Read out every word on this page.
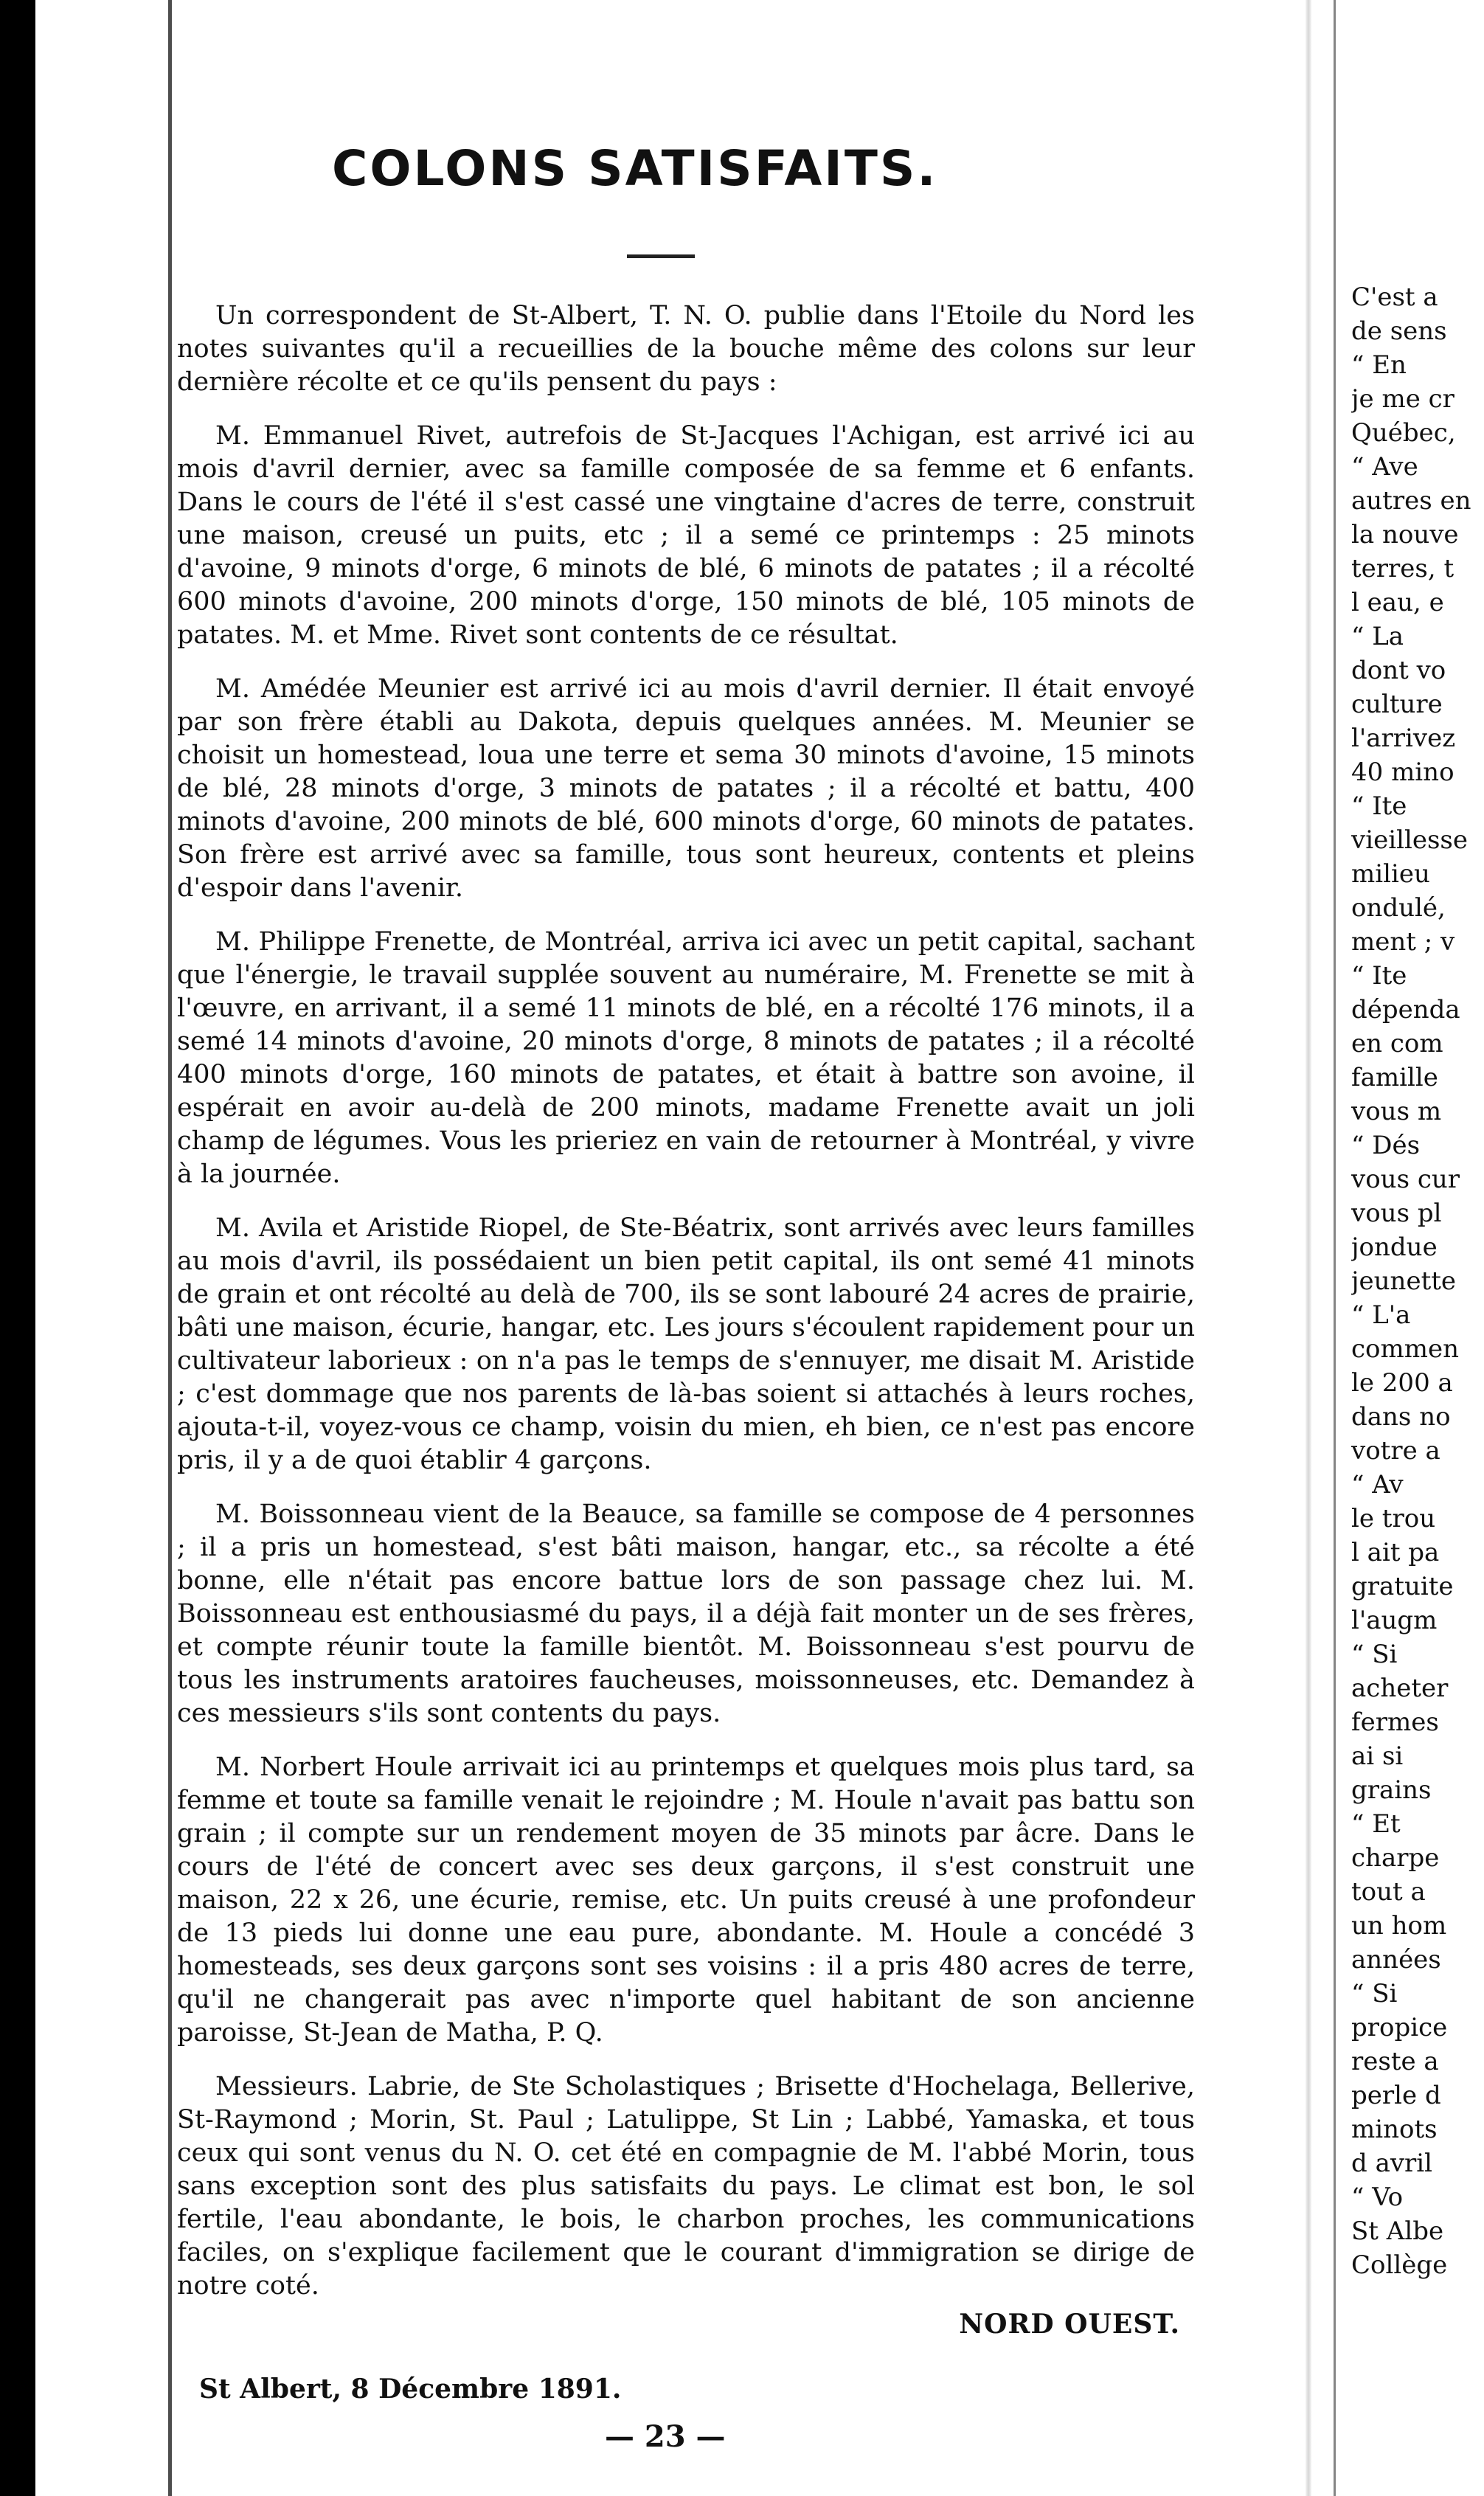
COLONS SATISFAITS.

Un correspondent de St-Albert, T. N. O. publie dans l'Etoile du Nord les notes suivantes qu'il a recueillies de la bouche même des colons sur leur dernière récolte et ce qu'ils pensent du pays :

M. Emmanuel Rivet, autrefois de St-Jacques l'Achigan, est arrivé ici au mois d'avril dernier, avec sa famille composée de sa femme et 6 enfants. Dans le cours de l'été il s'est cassé une vingtaine d'acres de terre, construit une maison, creusé un puits, etc ; il a semé ce printemps : 25 minots d'avoine, 9 minots d'orge, 6 minots de blé, 6 minots de patates ; il a récolté 600 minots d'avoine, 200 minots d'orge, 150 minots de blé, 105 minots de patates. M. et Mme. Rivet sont contents de ce résultat.

M. Amédée Meunier est arrivé ici au mois d'avril dernier. Il était envoyé par son frère établi au Dakota, depuis quelques années. M. Meunier se choisit un homestead, loua une terre et sema 30 minots d'avoine, 15 minots de blé, 28 minots d'orge, 3 minots de patates ; il a récolté et battu, 400 minots d'avoine, 200 minots de blé, 600 minots d'orge, 60 minots de patates. Son frère est arrivé avec sa famille, tous sont heureux, contents et pleins d'espoir dans l'avenir.

M. Philippe Frenette, de Montréal, arriva ici avec un petit capital, sachant que l'énergie, le travail supplée souvent au numéraire, M. Frenette se mit à l'œuvre, en arrivant, il a semé 11 minots de blé, en a récolté 176 minots, il a semé 14 minots d'avoine, 20 minots d'orge, 8 minots de patates ; il a récolté 400 minots d'orge, 160 minots de patates, et était à battre son avoine, il espérait en avoir au-delà de 200 minots, madame Frenette avait un joli champ de légumes. Vous les prieriez en vain de retourner à Montréal, y vivre à la journée.

M. Avila et Aristide Riopel, de Ste-Béatrix, sont arrivés avec leurs familles au mois d'avril, ils possédaient un bien petit capital, ils ont semé 41 minots de grain et ont récolté au delà de 700, ils se sont labouré 24 acres de prairie, bâti une maison, écurie, hangar, etc. Les jours s'écoulent rapidement pour un cultivateur laborieux : on n'a pas le temps de s'ennuyer, me disait M. Aristide ; c'est dommage que nos parents de là-bas soient si attachés à leurs roches, ajouta-t-il, voyez-vous ce champ, voisin du mien, eh bien, ce n'est pas encore pris, il y a de quoi établir 4 garçons.

M. Boissonneau vient de la Beauce, sa famille se compose de 4 personnes ; il a pris un homestead, s'est bâti maison, hangar, etc., sa récolte a été bonne, elle n'était pas encore battue lors de son passage chez lui. M. Boissonneau est enthousiasmé du pays, il a déjà fait monter un de ses frères, et compte réunir toute la famille bientôt. M. Boissonneau s'est pourvu de tous les instruments aratoires faucheuses, moissonneuses, etc. Demandez à ces messieurs s'ils sont contents du pays.

M. Norbert Houle arrivait ici au printemps et quelques mois plus tard, sa femme et toute sa famille venait le rejoindre ; M. Houle n'avait pas battu son grain ; il compte sur un rendement moyen de 35 minots par âcre. Dans le cours de l'été de concert avec ses deux garçons, il s'est construit une maison, 22 x 26, une écurie, remise, etc. Un puits creusé à une profondeur de 13 pieds lui donne une eau pure, abondante. M. Houle a concédé 3 homesteads, ses deux garçons sont ses voisins : il a pris 480 acres de terre, qu'il ne changerait pas avec n'importe quel habitant de son ancienne paroisse, St-Jean de Matha, P. Q.

Messieurs. Labrie, de Ste Scholastiques ; Brisette d'Hochelaga, Bellerive, St-Raymond ; Morin, St. Paul ; Latulippe, St Lin ; Labbé, Yamaska, et tous ceux qui sont venus du N. O. cet été en compagnie de M. l'abbé Morin, tous sans exception sont des plus satisfaits du pays. Le climat est bon, le sol fertile, l'eau abondante, le bois, le charbon proches, les communications faciles, on s'explique facilement que le courant d'immigration se dirige de notre coté.

NORD OUEST.
St Albert, 8 Décembre 1891.
— 23 —
C'est a
de sens
“ En
je me cr
Québec,
“ Ave
autres en
la nouve
terres, t
l eau, e
“ La
dont vo
culture
l'arrivez
40 mino
“ Ite
vieillesse
milieu
ondulé,
ment ; v
“ Ite
dépenda
en com
famille
vous m
“ Dés
vous cur
vous pl
jondue
jeunette
“ L'a
commen
le 200 a
dans no
votre a
“ Av
le trou
l ait pa
gratuite
l'augm
“ Si
acheter
fermes
ai si
grains
“ Et
charpe
tout a
un hom
années
“ Si
propice
reste a
perle d
minots
d avril
“ Vo
St Albe
Collège
